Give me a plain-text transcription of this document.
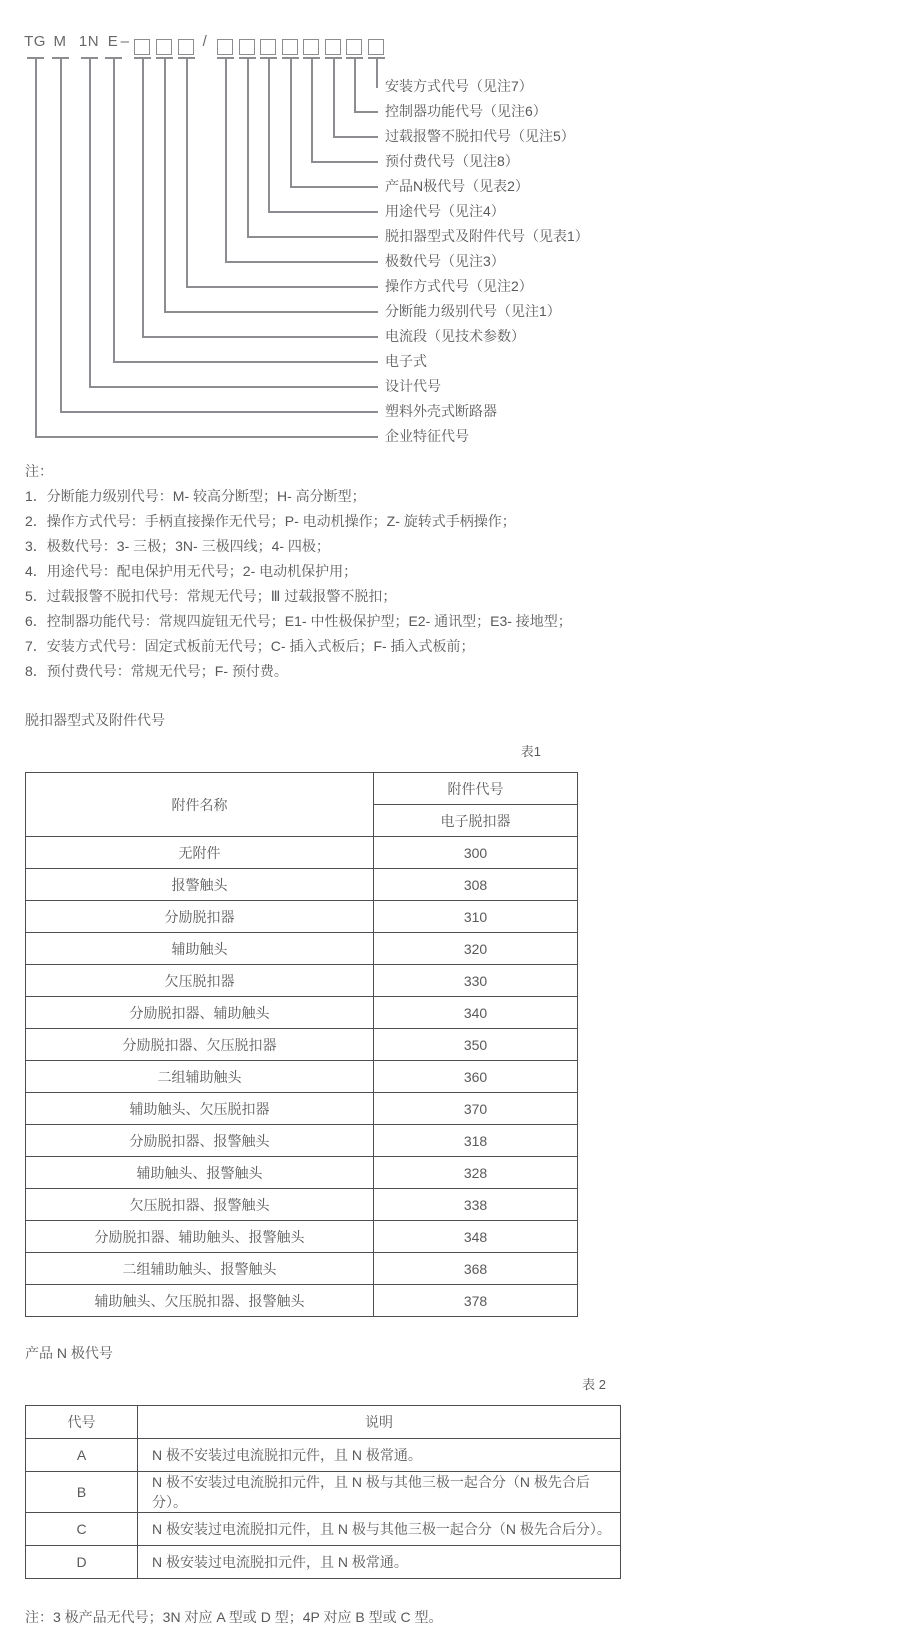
TG M 1N E –	/
企业特征代号
塑料外壳式断路器
设计代号
电子式
电流段（见技术参数）
分断能力级别代号（见注1）
操作方式代号（见注2）
极数代号（见注3）
脱扣器型式及附件代号（见表1）
用途代号（见注4）
产品N极代号（见表2）
预付费代号（见注8）
过载报警不脱扣代号（见注5）
控制器功能代号（见注6）
安装方式代号（见注7）
注：
1．分断能力级别代号：M- 较高分断型；H- 高分断型；
2．操作方式代号：手柄直接操作无代号；P- 电动机操作；Z- 旋转式手柄操作；
3．极数代号：3- 三极；3N- 三极四线；4- 四极；
4．用途代号：配电保护用无代号；2- 电动机保护用；
5．过载报警不脱扣代号：常规无代号；Ⅲ 过载报警不脱扣；
6．控制器功能代号：常规四旋钮无代号；E1- 中性极保护型；E2- 通讯型；E3- 接地型；
7．安装方式代号：固定式板前无代号；C- 插入式板后；F- 插入式板前；
8．预付费代号：常规无代号；F- 预付费。
脱扣器型式及附件代号
表1
附件名称	附件代号
	电子脱扣器
无附件	300
报警触头	308
分励脱扣器	310
辅助触头	320
欠压脱扣器	330
分励脱扣器、辅助触头	340
分励脱扣器、欠压脱扣器	350
二组辅助触头	360
辅助触头、欠压脱扣器	370
分励脱扣器、报警触头	318
辅助触头、报警触头	328
欠压脱扣器、报警触头	338
分励脱扣器、辅助触头、报警触头	348
二组辅助触头、报警触头	368
辅助触头、欠压脱扣器、报警触头	378
产品 N 极代号
表 2
代号	说明
A	N 极不安装过电流脱扣元件，且 N 极常通。
B	N 极不安装过电流脱扣元件，且 N 极与其他三极一起合分（N 极先合后分）。
C	N 极安装过电流脱扣元件，且 N 极与其他三极一起合分（N 极先合后分）。
D	N 极安装过电流脱扣元件，且 N 极常通。
注：3 极产品无代号；3N 对应 A 型或 D 型；4P 对应 B 型或 C 型。
